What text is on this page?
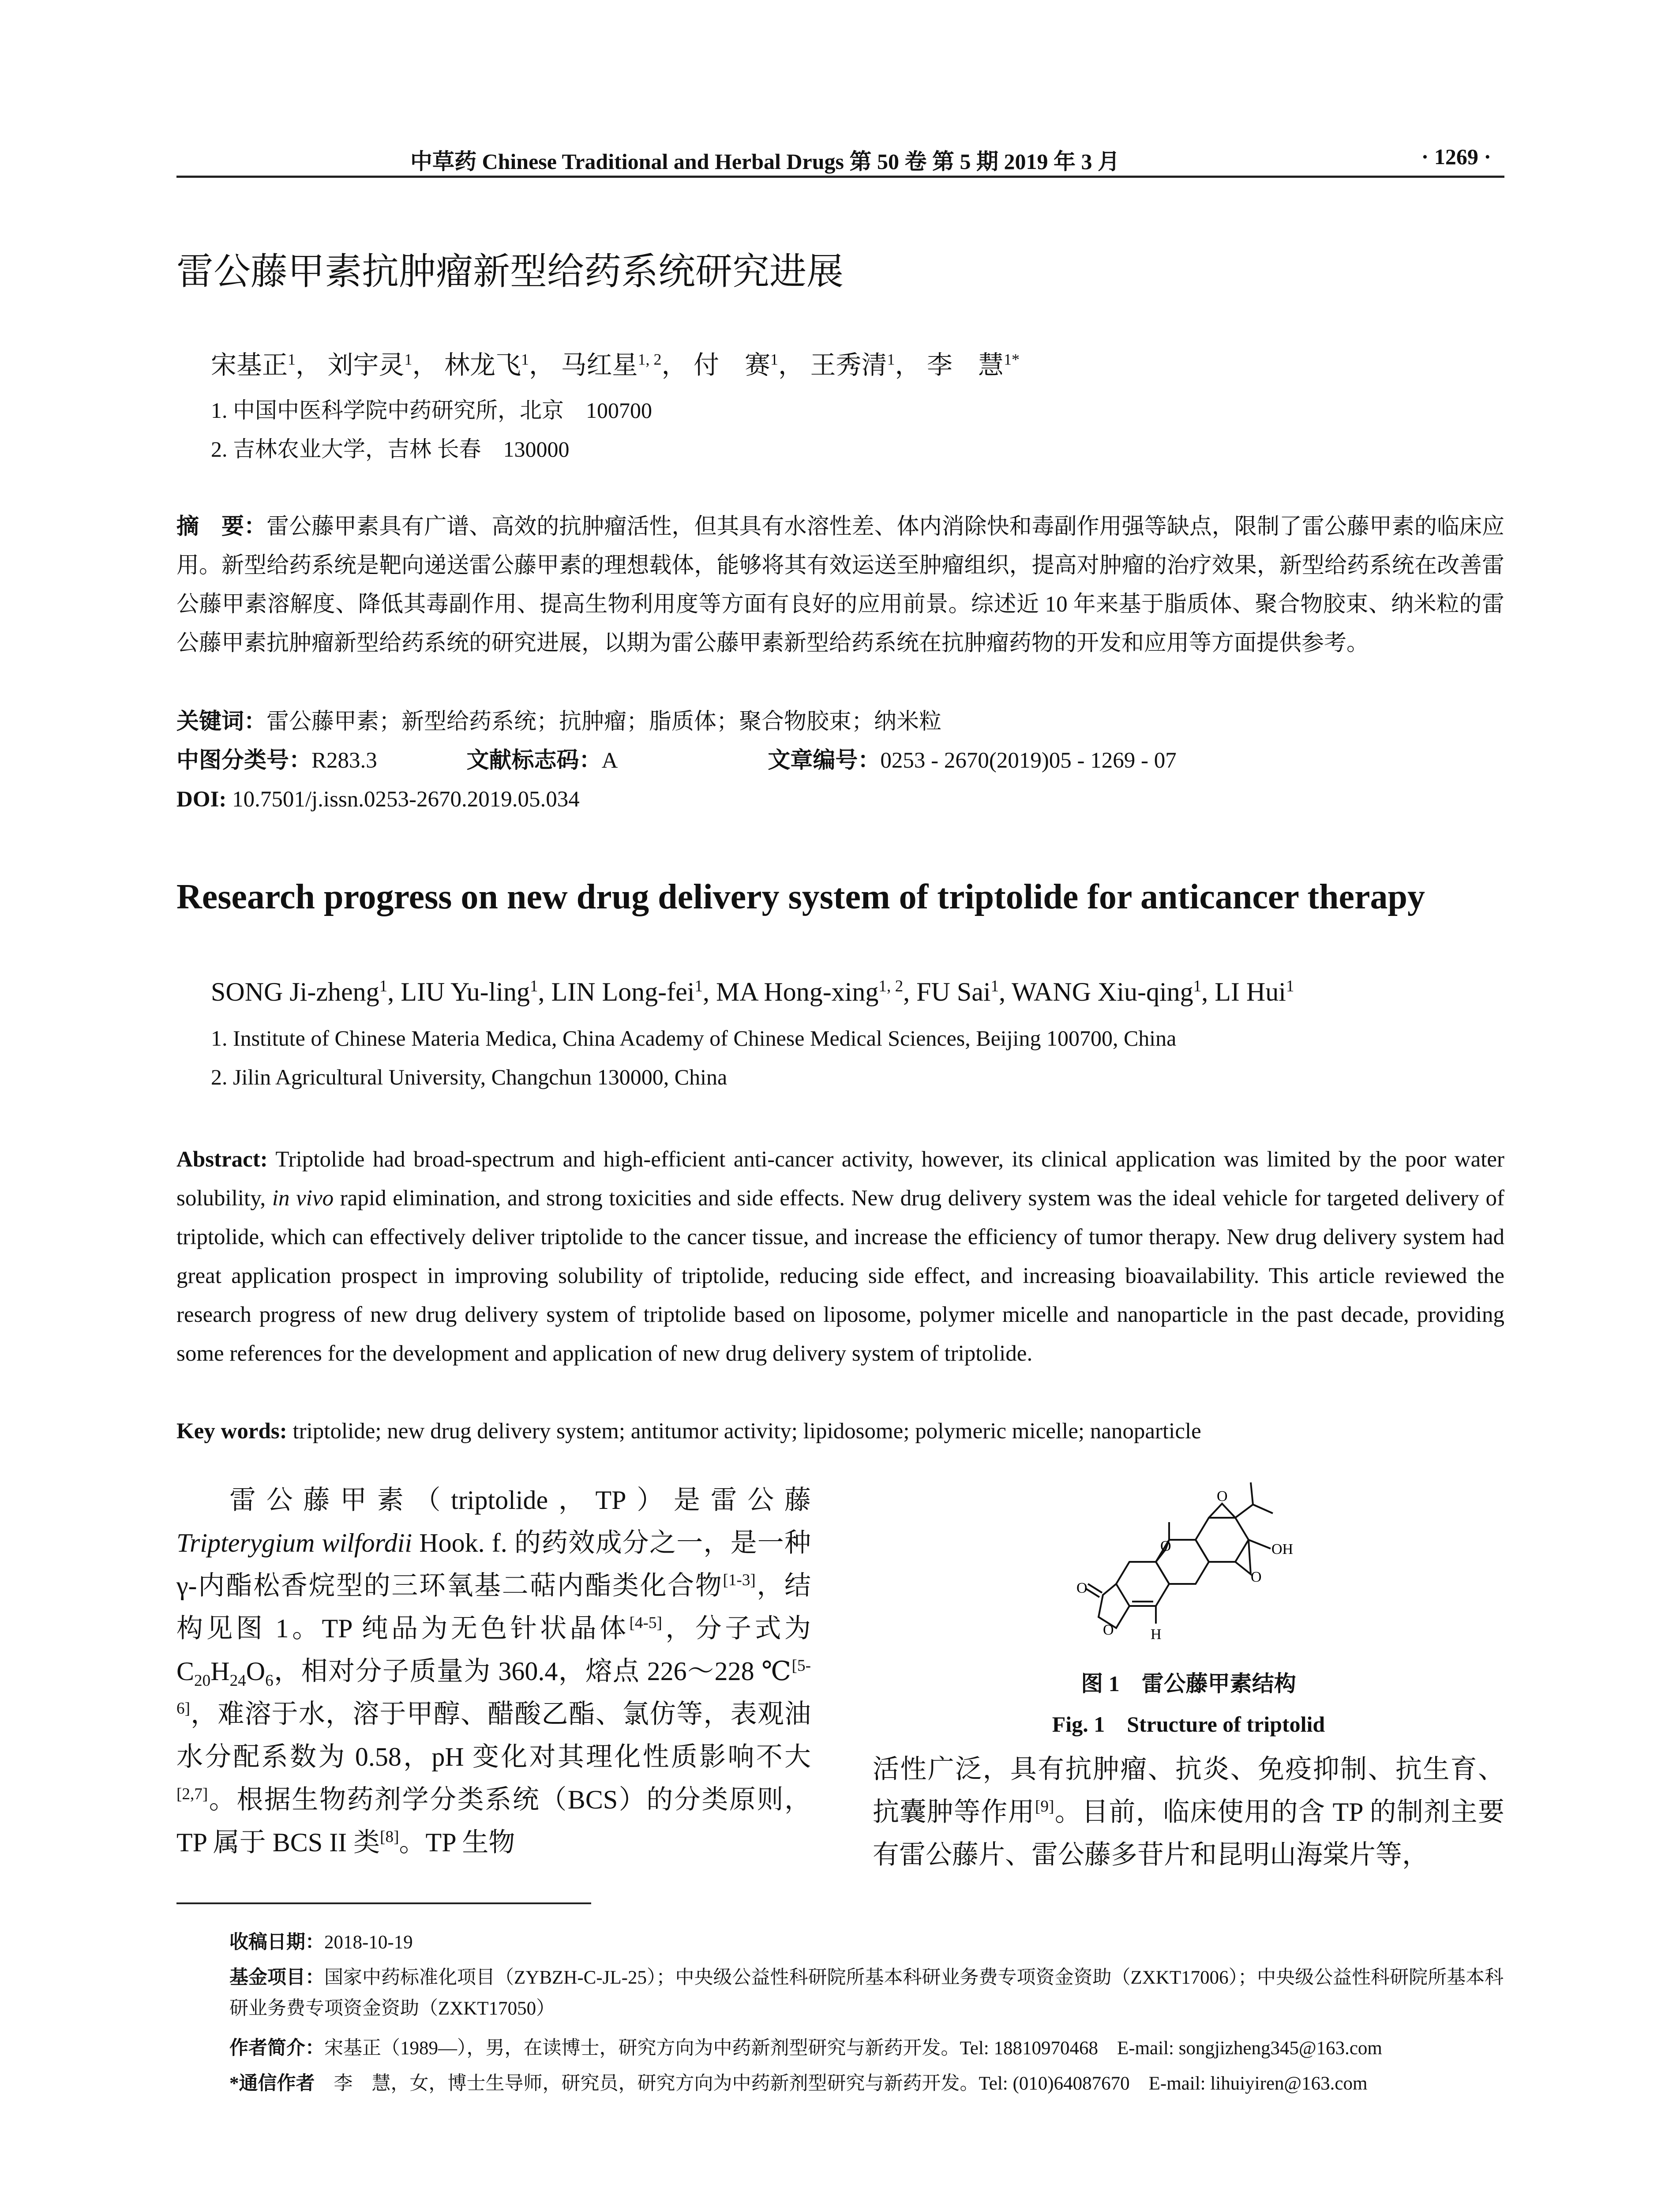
中草药 Chinese Traditional and Herbal Drugs 第 50 卷 第 5 期 2019 年 3 月	· 1269 ·
雷公藤甲素抗肿瘤新型给药系统研究进展
宋基正$^1$， 刘宇灵$^1$， 林龙飞$^1$， 马红星$^{1, 2}$， 付　赛$^1$， 王秀清$^1$， 李　慧$^{1*}$
1. 中国中医科学院中药研究所，北京　100700
2. 吉林农业大学，吉林 长春　130000
摘　要：雷公藤甲素具有广谱、高效的抗肿瘤活性，但其具有水溶性差、体内消除快和毒副作用强等缺点，限制了雷公藤甲素的临床应用。新型给药系统是靶向递送雷公藤甲素的理想载体，能够将其有效运送至肿瘤组织，提高对肿瘤的治疗效果，新型给药系统在改善雷公藤甲素溶解度、降低其毒副作用、提高生物利用度等方面有良好的应用前景。综述近 10 年来基于脂质体、聚合物胶束、纳米粒的雷公藤甲素抗肿瘤新型给药系统的研究进展，以期为雷公藤甲素新型给药系统在抗肿瘤药物的开发和应用等方面提供参考。
关键词：雷公藤甲素；新型给药系统；抗肿瘤；脂质体；聚合物胶束；纳米粒
中图分类号：R283.3	文献标志码：A	文章编号：0253 - 2670(2019)05 - 1269 - 07
DOI: 10.7501/j.issn.0253-2670.2019.05.034
Research progress on new drug delivery system of triptolide for anticancer therapy
SONG Ji-zheng$^1$, LIU Yu-ling$^1$, LIN Long-fei$^1$, MA Hong-xing$^{1, 2}$, FU Sai$^1$, WANG Xiu-qing$^1$, LI Hui$^1$
1. Institute of Chinese Materia Medica, China Academy of Chinese Medical Sciences, Beijing 100700, China
2. Jilin Agricultural University, Changchun 130000, China
Abstract: Triptolide had broad-spectrum and high-efficient anti-cancer activity, however, its clinical application was limited by the poor water solubility, in vivo rapid elimination, and strong toxicities and side effects. New drug delivery system was the ideal vehicle for targeted delivery of triptolide, which can effectively deliver triptolide to the cancer tissue, and increase the efficiency of tumor therapy. New drug delivery system had great application prospect in improving solubility of triptolide, reducing side effect, and increasing bioavailability. This article reviewed the research progress of new drug delivery system of triptolide based on liposome, polymer micelle and nanoparticle in the past decade, providing some references for the development and application of new drug delivery system of triptolide.
Key words: triptolide; new drug delivery system; antitumor activity; lipidosome; polymeric micelle; nanoparticle
雷公藤甲素（triptolide，TP）是雷公藤 Tripterygium wilfordii Hook. f. 的药效成分之一，是一种 γ-内酯松香烷型的三环氧基二萜内酯类化合物[1-3]，结构见图 1。TP 纯品为无色针状晶体[4-5]，分子式为 $C_{20}H_{24}O_6$，相对分子质量为 360.4，熔点 226～228 ℃[5-6]，难溶于水，溶于甲醇、醋酸乙酯、氯仿等，表观油水分配系数为 0.58，pH 变化对其理化性质影响不大[2,7]。根据生物药剂学分类系统（BCS）的分类原则，TP 属于 BCS II 类[8]。TP 生物
O
O
O
O
O
OH
H
图 1　雷公藤甲素结构
Fig. 1　Structure of triptolid
活性广泛，具有抗肿瘤、抗炎、免疫抑制、抗生育、抗囊肿等作用[9]。目前，临床使用的含 TP 的制剂主要有雷公藤片、雷公藤多苷片和昆明山海棠片等，
收稿日期：2018-10-19
基金项目：国家中药标准化项目（ZYBZH-C-JL-25）；中央级公益性科研院所基本科研业务费专项资金资助（ZXKT17006）；中央级公益性科研院所基本科研业务费专项资金资助（ZXKT17050）
作者简介：宋基正（1989—），男，在读博士，研究方向为中药新剂型研究与新药开发。Tel: 18810970468　E-mail: songjizheng345@163.com
*通信作者　李　慧，女，博士生导师，研究员，研究方向为中药新剂型研究与新药开发。Tel: (010)64087670　E-mail: lihuiyiren@163.com
